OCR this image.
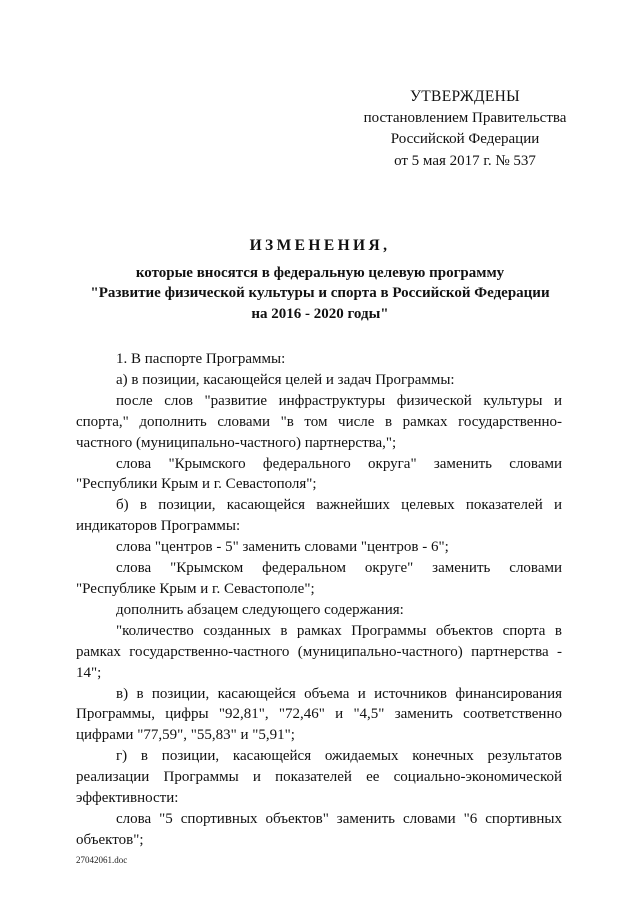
УТВЕРЖДЕНЫ
постановлением Правительства
Российской Федерации
от 5 мая 2017 г. № 537
ИЗМЕНЕНИЯ,
которые вносятся в федеральную целевую программу
"Развитие физической культуры и спорта в Российской Федерации
на 2016 - 2020 годы"

1. В паспорте Программы:

а) в позиции, касающейся целей и задач Программы:

после слов "развитие инфраструктуры физической культуры и спорта," дополнить словами "в том числе в рамках государственно-частного (муниципально-частного) партнерства,";

слова "Крымского федерального округа" заменить словами "Республики Крым и г. Севастополя";

б) в позиции, касающейся важнейших целевых показателей и индикаторов Программы:

слова "центров - 5" заменить словами "центров - 6";

слова "Крымском федеральном округе" заменить словами "Республике Крым и г. Севастополе";

дополнить абзацем следующего содержания:

"количество созданных в рамках Программы объектов спорта в рамках государственно-частного (муниципально-частного) партнерства - 14";

в) в позиции, касающейся объема и источников финансирования Программы, цифры "92,81", "72,46" и "4,5" заменить соответственно цифрами "77,59", "55,83" и "5,91";

г) в позиции, касающейся ожидаемых конечных результатов реализации Программы и показателей ее социально-экономической эффективности:

слова "5 спортивных объектов" заменить словами "6 спортивных объектов";

27042061.doc
